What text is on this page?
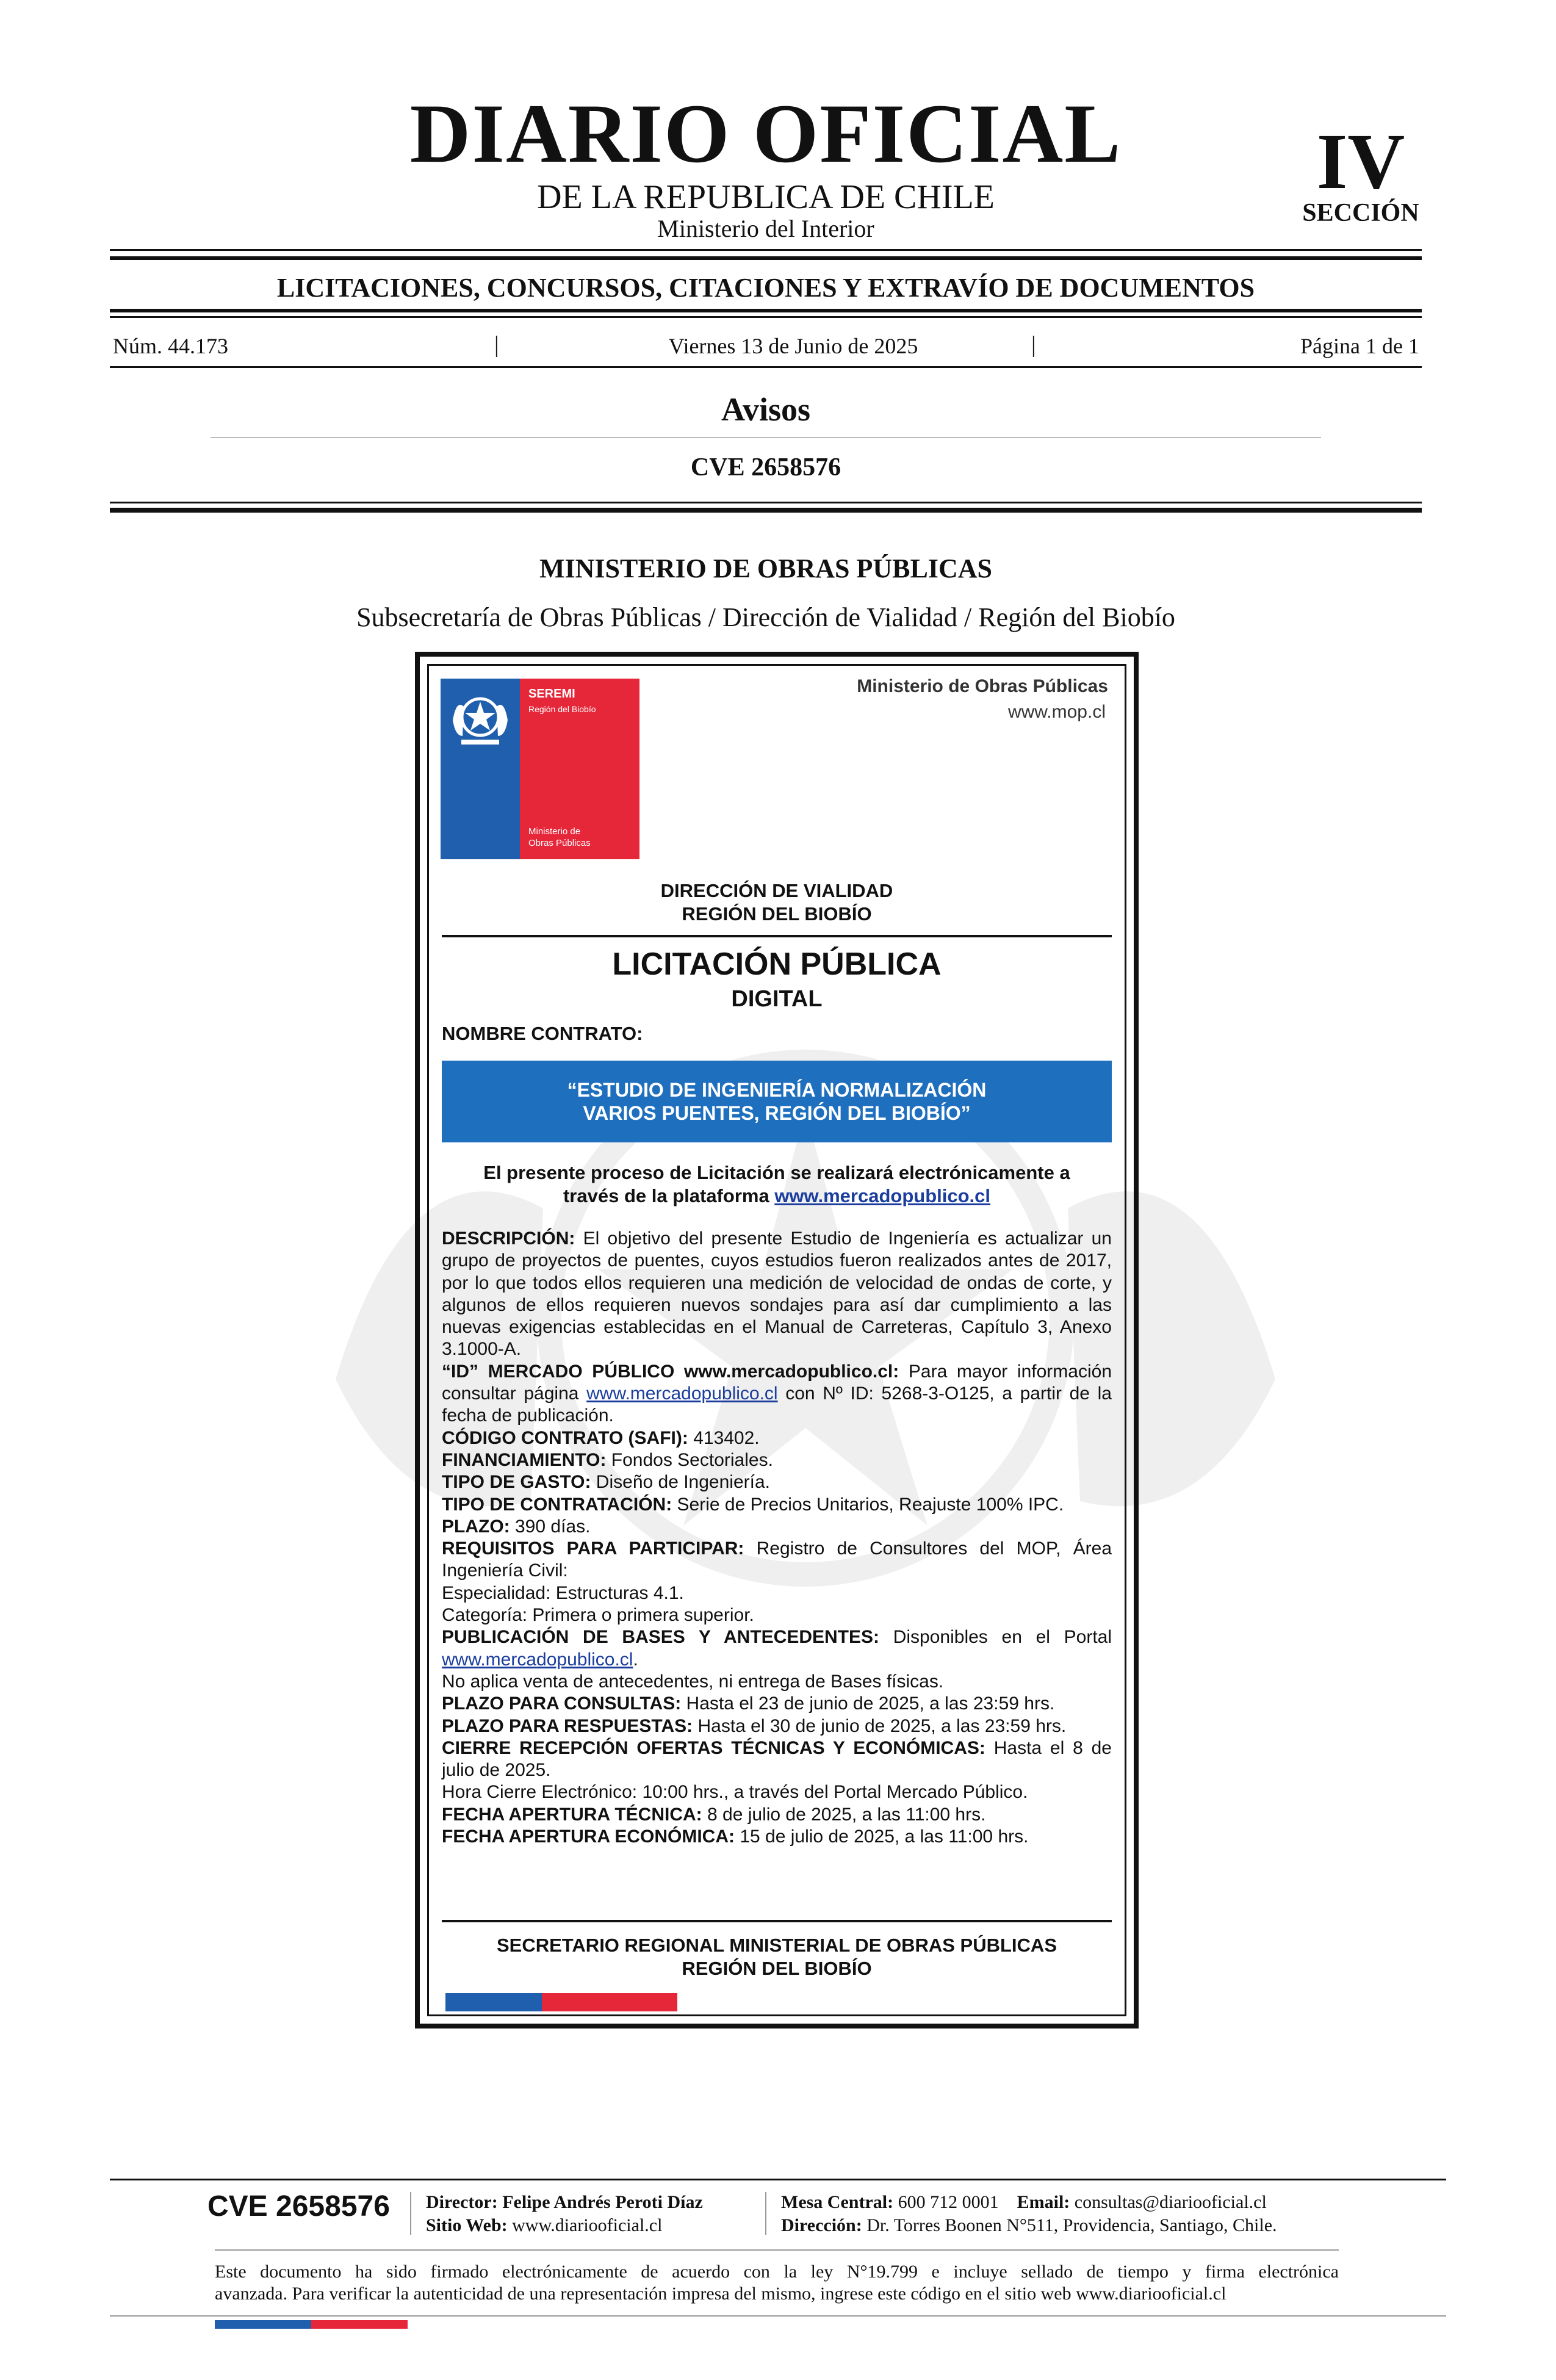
DIARIO OFICIAL
DE LA REPUBLICA DE CHILE
Ministerio del Interior
IV
SECCIÓN
LICITACIONES, CONCURSOS, CITACIONES Y EXTRAVÍO DE DOCUMENTOS
Núm. 44.173	|	Viernes 13 de Junio de 2025	|	Página 1 de 1
Avisos
CVE 2658576
MINISTERIO DE OBRAS PÚBLICAS
Subsecretaría de Obras Públicas / Dirección de Vialidad / Región del Biobío
SEREMI
Región del Biobío
Ministerio de
Obras Públicas
Ministerio de Obras Públicas
www.mop.cl
DIRECCIÓN DE VIALIDAD
REGIÓN DEL BIOBÍO
LICITACIÓN PÚBLICA
DIGITAL
NOMBRE CONTRATO:
“ESTUDIO DE INGENIERÍA NORMALIZACIÓN
VARIOS PUENTES, REGIÓN DEL BIOBÍO”
El presente proceso de Licitación se realizará electrónicamente a
través de la plataforma www.mercadopublico.cl

DESCRIPCIÓN: El objetivo del presente Estudio de Ingeniería es actualizar un grupo de proyectos de puentes, cuyos estudios fueron realizados antes de 2017, por lo que todos ellos requieren una medición de velocidad de ondas de corte, y algunos de ellos requieren nuevos sondajes para así dar cumplimiento a las nuevas exigencias establecidas en el Manual de Carreteras, Capítulo 3, Anexo 3.1000-A.

“ID” MERCADO PÚBLICO www.mercadopublico.cl: Para mayor información consultar página www.mercadopublico.cl con Nº ID: 5268-3-O125, a partir de la fecha de publicación.

CÓDIGO CONTRATO (SAFI): 413402.

FINANCIAMIENTO: Fondos Sectoriales.

TIPO DE GASTO: Diseño de Ingeniería.

TIPO DE CONTRATACIÓN: Serie de Precios Unitarios, Reajuste 100% IPC.

PLAZO: 390 días.

REQUISITOS PARA PARTICIPAR: Registro de Consultores del MOP, Área Ingeniería Civil:

Especialidad: Estructuras 4.1.

Categoría: Primera o primera superior.

PUBLICACIÓN DE BASES Y ANTECEDENTES: Disponibles en el Portal www.mercadopublico.cl.

No aplica venta de antecedentes, ni entrega de Bases físicas.

PLAZO PARA CONSULTAS: Hasta el 23 de junio de 2025, a las 23:59 hrs.

PLAZO PARA RESPUESTAS: Hasta el 30 de junio de 2025, a las 23:59 hrs.

CIERRE RECEPCIÓN OFERTAS TÉCNICAS Y ECONÓMICAS: Hasta el 8 de julio de 2025.

Hora Cierre Electrónico: 10:00 hrs., a través del Portal Mercado Público.

FECHA APERTURA TÉCNICA: 8 de julio de 2025, a las 11:00 hrs.

FECHA APERTURA ECONÓMICA: 15 de julio de 2025, a las 11:00 hrs.

SECRETARIO REGIONAL MINISTERIAL DE OBRAS PÚBLICAS
REGIÓN DEL BIOBÍO
CVE 2658576 Director: Felipe Andrés Peroti Díaz
Sitio Web: www.diariooficial.cl
Mesa Central: 600 712 0001 Email: consultas@diariooficial.cl
Dirección: Dr. Torres Boonen N°511, Providencia, Santiago, Chile.
Este documento ha sido firmado electrónicamente de acuerdo con la ley N°19.799 e incluye sellado de tiempo y firma electrónica
avanzada. Para verificar la autenticidad de una representación impresa del mismo, ingrese este código en el sitio web www.diariooficial.cl
